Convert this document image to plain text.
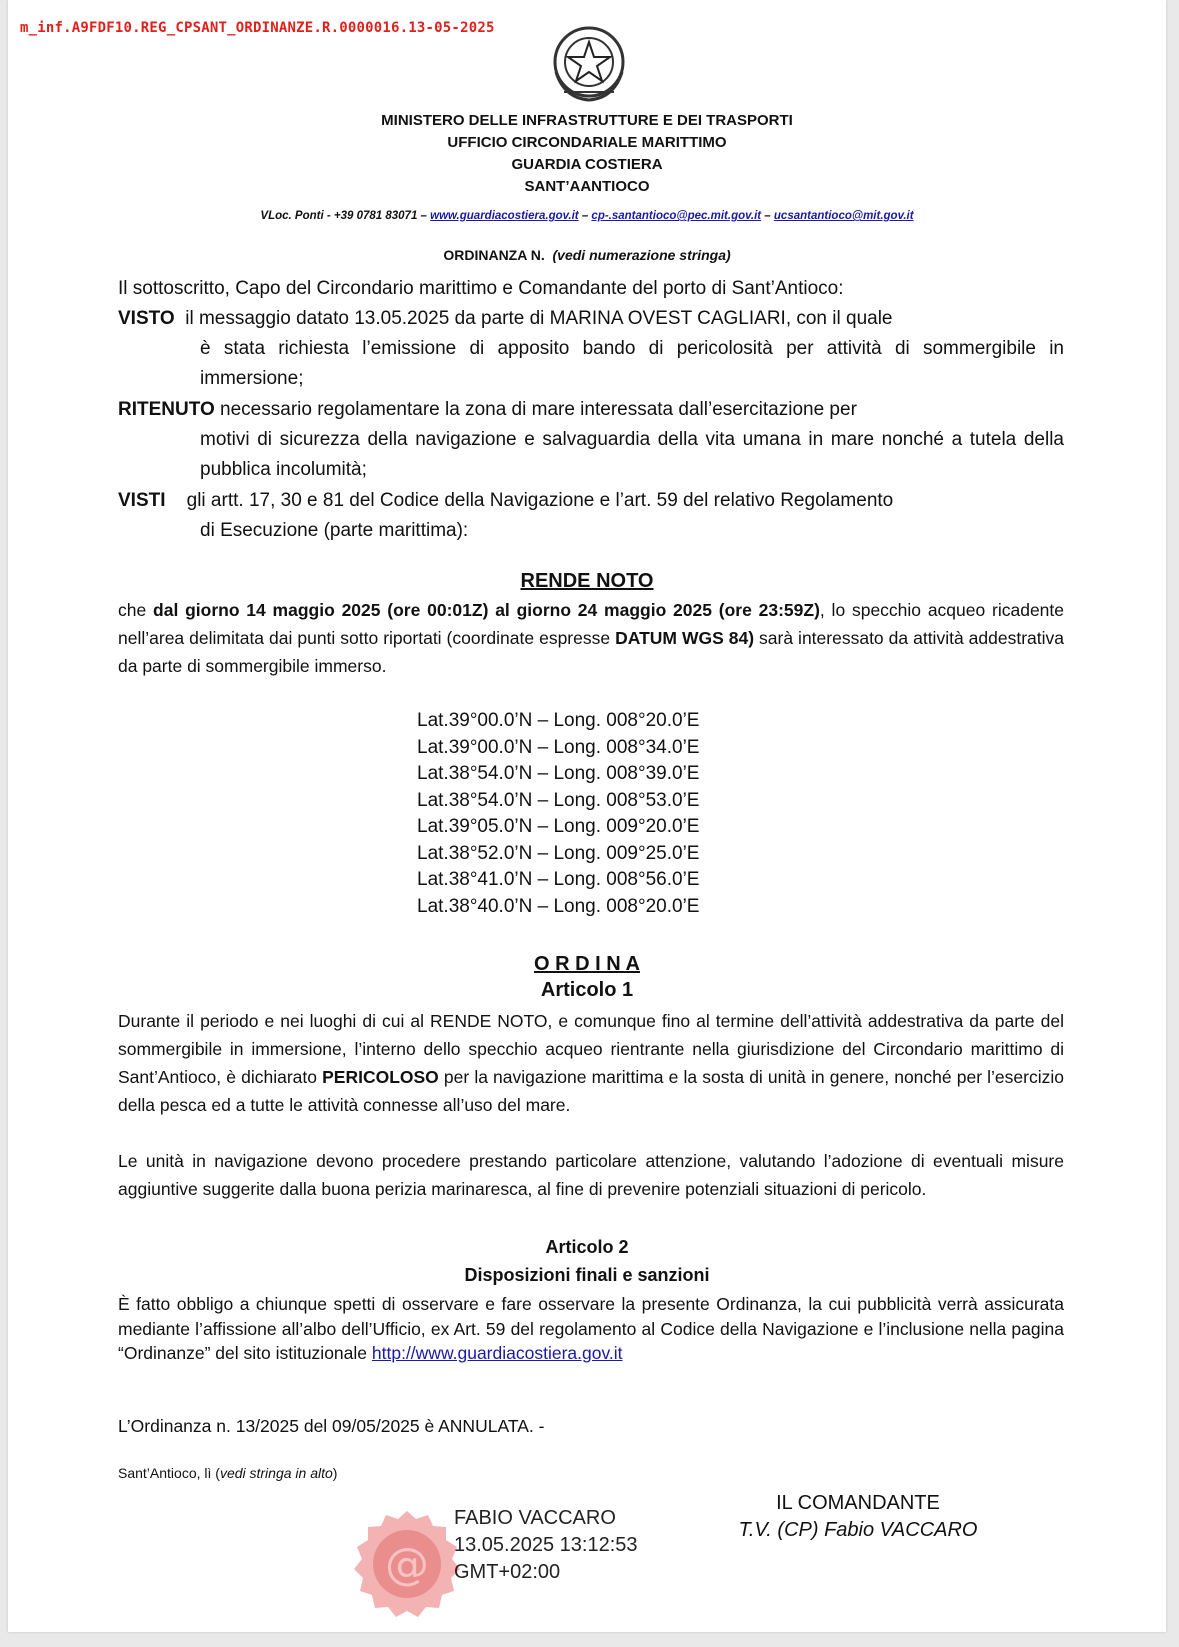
m_inf.A9FDF10.REG_CPSANT_ORDINANZE.R.0000016.13-05-2025
MINISTERO DELLE INFRASTRUTTURE E DEI TRASPORTI
UFFICIO CIRCONDARIALE MARITTIMO
GUARDIA COSTIERA
SANT’AANTIOCO
VLoc. Ponti - +39 0781 83071 – www.guardiacostiera.gov.it – cp-.santantioco@pec.mit.gov.it – ucsantantioco@mit.gov.it
ORDINANZA N. (vedi numerazione stringa)
Il sottoscritto, Capo del Circondario marittimo e Comandante del porto di Sant’Antioco:
VISTO il messaggio datato 13.05.2025 da parte di MARINA OVEST CAGLIARI, con il quale
è stata richiesta l’emissione di apposito bando di pericolosità per attività di sommergibile in immersione;
RITENUTO necessario regolamentare la zona di mare interessata dall’esercitazione per
motivi di sicurezza della navigazione e salvaguardia della vita umana in mare nonché a tutela della pubblica incolumità;
VISTI gli artt. 17, 30 e 81 del Codice della Navigazione e l’art. 59 del relativo Regolamento
di Esecuzione (parte marittima):
RENDE NOTO
che dal giorno 14 maggio 2025 (ore 00:01Z) al giorno 24 maggio 2025 (ore 23:59Z), lo specchio acqueo ricadente nell’area delimitata dai punti sotto riportati (coordinate espresse DATUM WGS 84) sarà interessato da attività addestrativa da parte di sommergibile immerso.
Lat.39°00.0’N – Long. 008°20.0’E
Lat.39°00.0’N – Long. 008°34.0’E
Lat.38°54.0’N – Long. 008°39.0’E
Lat.38°54.0’N – Long. 008°53.0’E
Lat.39°05.0’N – Long. 009°20.0’E
Lat.38°52.0’N – Long. 009°25.0’E
Lat.38°41.0’N – Long. 008°56.0’E
Lat.38°40.0’N – Long. 008°20.0’E
O R D I N A
Articolo 1
Durante il periodo e nei luoghi di cui al RENDE NOTO, e comunque fino al termine dell’attività addestrativa da parte del sommergibile in immersione, l’interno dello specchio acqueo rientrante nella giurisdizione del Circondario marittimo di Sant’Antioco, è dichiarato PERICOLOSO per la navigazione marittima e la sosta di unità in genere, nonché per l’esercizio della pesca ed a tutte le attività connesse all’uso del mare.
Le unità in navigazione devono procedere prestando particolare attenzione, valutando l’adozione di eventuali misure aggiuntive suggerite dalla buona perizia marinaresca, al fine di prevenire potenziali situazioni di pericolo.
Articolo 2
Disposizioni finali e sanzioni
È fatto obbligo a chiunque spetti di osservare e fare osservare la presente Ordinanza, la cui pubblicità verrà assicurata mediante l’affissione all’albo dell’Ufficio, ex Art. 59 del regolamento al Codice della Navigazione e l’inclusione nella pagina “Ordinanze” del sito istituzionale http://www.guardiacostiera.gov.it
L’Ordinanza n. 13/2025 del 09/05/2025 è ANNULATA. -
Sant’Antioco, lì (vedi stringa in alto)
@
FABIO VACCARO
13.05.2025 13:12:53
GMT+02:00
IL COMANDANTE
T.V. (CP) Fabio VACCARO
